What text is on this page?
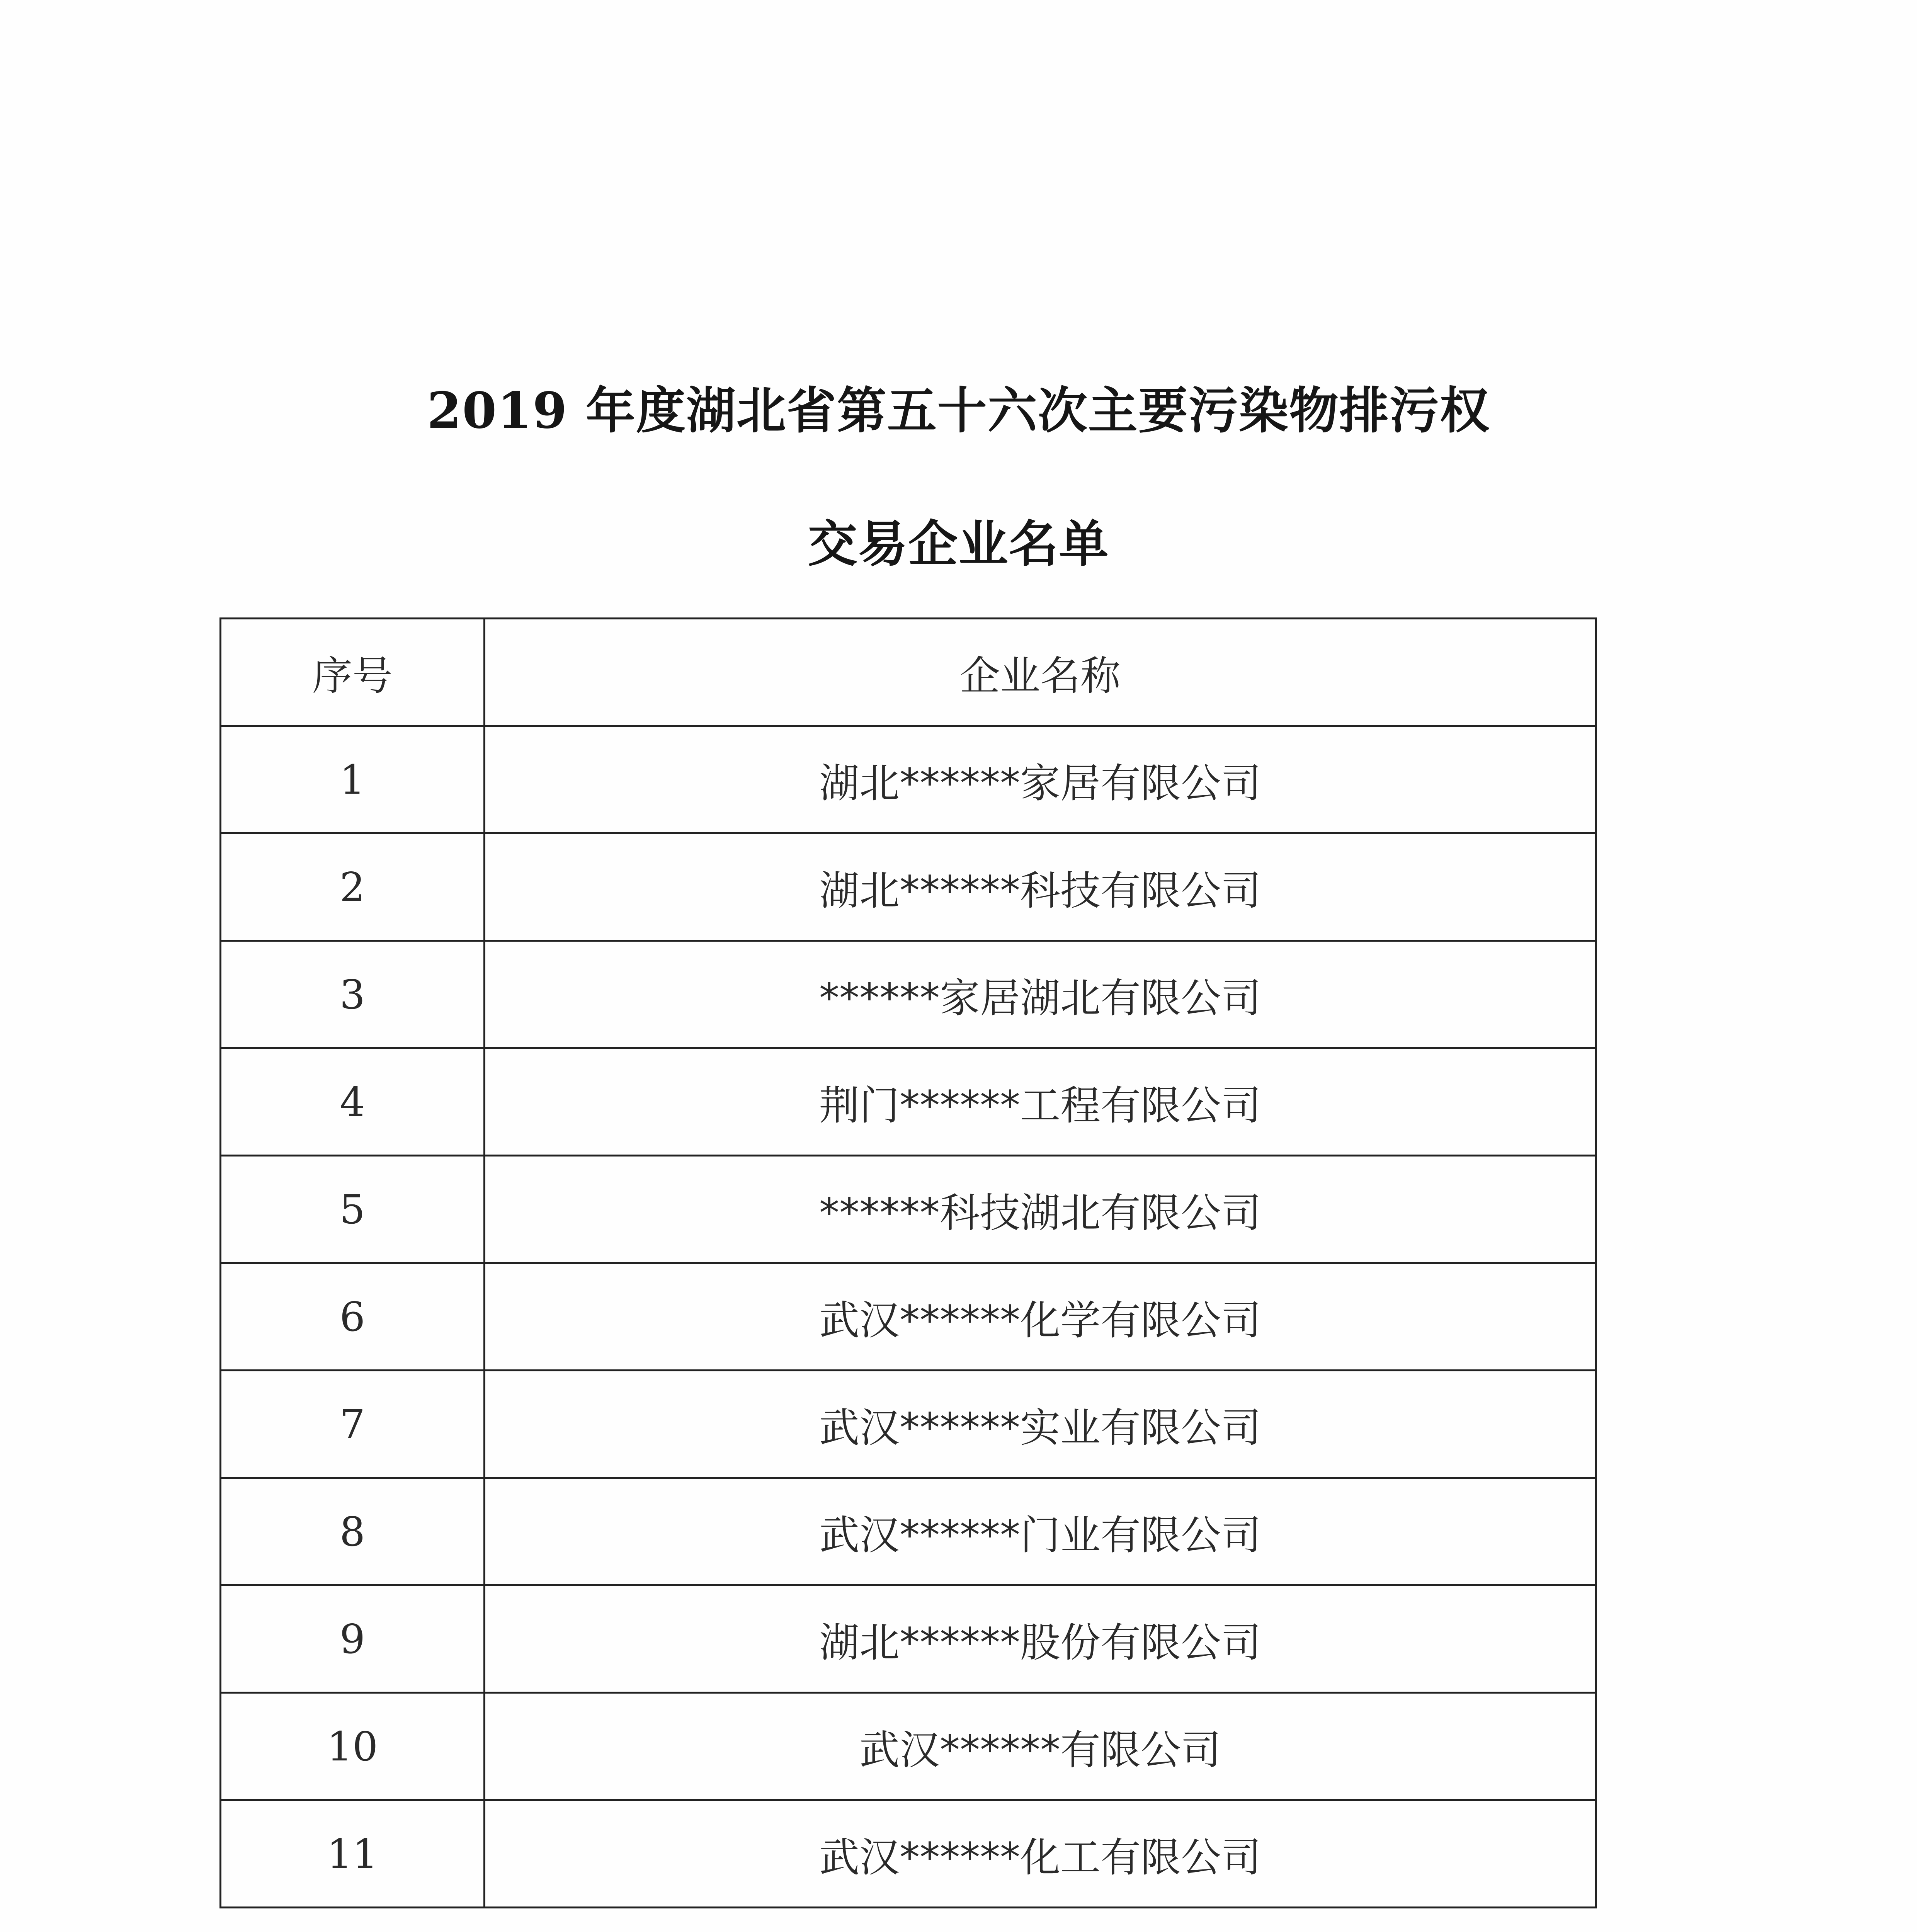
2019 年度湖北省第五十六次主要污染物排污权
交易企业名单
序号	企业名称
1	湖北******家居有限公司
2	湖北******科技有限公司
3	******家居湖北有限公司
4	荆门******工程有限公司
5	******科技湖北有限公司
6	武汉******化学有限公司
7	武汉******实业有限公司
8	武汉******门业有限公司
9	湖北******股份有限公司
10	武汉******有限公司
11	武汉******化工有限公司
